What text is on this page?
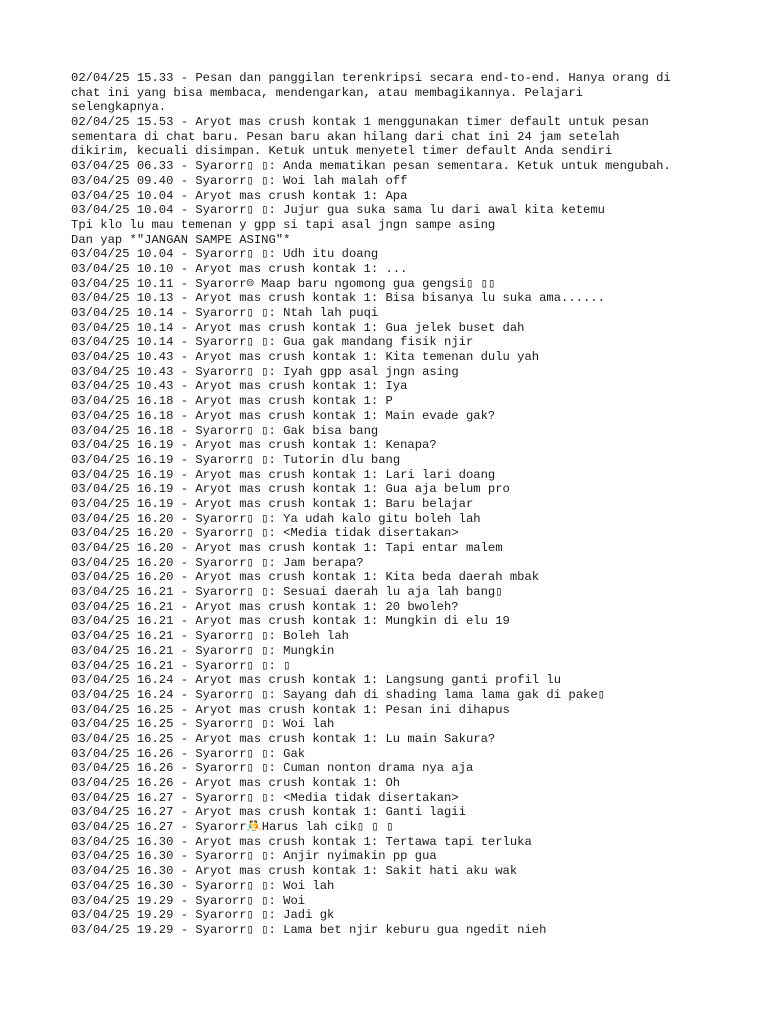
02/04/25 15.33 - Pesan dan panggilan terenkripsi secara end-to-end. Hanya orang di
chat ini yang bisa membaca, mendengarkan, atau membagikannya. Pelajari
selengkapnya.
02/04/25 15.53 - Aryot mas crush kontak 1 menggunakan timer default untuk pesan
sementara di chat baru. Pesan baru akan hilang dari chat ini 24 jam setelah
dikirim, kecuali disimpan. Ketuk untuk menyetel timer default Anda sendiri
03/04/25 06.33 - Syarorr▯ ▯: Anda mematikan pesan sementara. Ketuk untuk mengubah.
03/04/25 09.40 - Syarorr▯ ▯: Woi lah malah off
03/04/25 10.04 - Aryot mas crush kontak 1: Apa
03/04/25 10.04 - Syarorr▯ ▯: Jujur gua suka sama lu dari awal kita ketemu
Tpi klo lu mau temenan y gpp si tapi asal jngn sampe asing
Dan yap *"JANGAN SAMPE ASING"*
03/04/25 10.04 - Syarorr▯ ▯: Udh itu doang
03/04/25 10.10 - Aryot mas crush kontak 1: ...
03/04/25 10.11 - Syarorr☹ Maap baru ngomong gua gengsi▯ ▯▯
03/04/25 10.13 - Aryot mas crush kontak 1: Bisa bisanya lu suka ama......
03/04/25 10.14 - Syarorr▯ ▯: Ntah lah puqi
03/04/25 10.14 - Aryot mas crush kontak 1: Gua jelek buset dah
03/04/25 10.14 - Syarorr▯ ▯: Gua gak mandang fisik njir
03/04/25 10.43 - Aryot mas crush kontak 1: Kita temenan dulu yah
03/04/25 10.43 - Syarorr▯ ▯: Iyah gpp asal jngn asing
03/04/25 10.43 - Aryot mas crush kontak 1: Iya
03/04/25 16.18 - Aryot mas crush kontak 1: P
03/04/25 16.18 - Aryot mas crush kontak 1: Main evade gak?
03/04/25 16.18 - Syarorr▯ ▯: Gak bisa bang
03/04/25 16.19 - Aryot mas crush kontak 1: Kenapa?
03/04/25 16.19 - Syarorr▯ ▯: Tutorin dlu bang
03/04/25 16.19 - Aryot mas crush kontak 1: Lari lari doang
03/04/25 16.19 - Aryot mas crush kontak 1: Gua aja belum pro
03/04/25 16.19 - Aryot mas crush kontak 1: Baru belajar
03/04/25 16.20 - Syarorr▯ ▯: Ya udah kalo gitu boleh lah
03/04/25 16.20 - Syarorr▯ ▯: <Media tidak disertakan>
03/04/25 16.20 - Aryot mas crush kontak 1: Tapi entar malem
03/04/25 16.20 - Syarorr▯ ▯: Jam berapa?
03/04/25 16.20 - Aryot mas crush kontak 1: Kita beda daerah mbak
03/04/25 16.21 - Syarorr▯ ▯: Sesuai daerah lu aja lah bang▯
03/04/25 16.21 - Aryot mas crush kontak 1: 20 bwoleh?
03/04/25 16.21 - Aryot mas crush kontak 1: Mungkin di elu 19
03/04/25 16.21 - Syarorr▯ ▯: Boleh lah
03/04/25 16.21 - Syarorr▯ ▯: Mungkin
03/04/25 16.21 - Syarorr▯ ▯: ▯
03/04/25 16.24 - Aryot mas crush kontak 1: Langsung ganti profil lu
03/04/25 16.24 - Syarorr▯ ▯: Sayang dah di shading lama lama gak di pake▯
03/04/25 16.25 - Aryot mas crush kontak 1: Pesan ini dihapus
03/04/25 16.25 - Syarorr▯ ▯: Woi lah
03/04/25 16.25 - Aryot mas crush kontak 1: Lu main Sakura?
03/04/25 16.26 - Syarorr▯ ▯: Gak
03/04/25 16.26 - Syarorr▯ ▯: Cuman nonton drama nya aja
03/04/25 16.26 - Aryot mas crush kontak 1: Oh
03/04/25 16.27 - Syarorr▯ ▯: <Media tidak disertakan>
03/04/25 16.27 - Aryot mas crush kontak 1: Ganti lagii
03/04/25 16.27 - Syarorr🤼Harus lah cik▯ ▯ ▯
03/04/25 16.30 - Aryot mas crush kontak 1: Tertawa tapi terluka
03/04/25 16.30 - Syarorr▯ ▯: Anjir nyimakin pp gua
03/04/25 16.30 - Aryot mas crush kontak 1: Sakit hati aku wak
03/04/25 16.30 - Syarorr▯ ▯: Woi lah
03/04/25 19.29 - Syarorr▯ ▯: Woi
03/04/25 19.29 - Syarorr▯ ▯: Jadi gk
03/04/25 19.29 - Syarorr▯ ▯: Lama bet njir keburu gua ngedit nieh
